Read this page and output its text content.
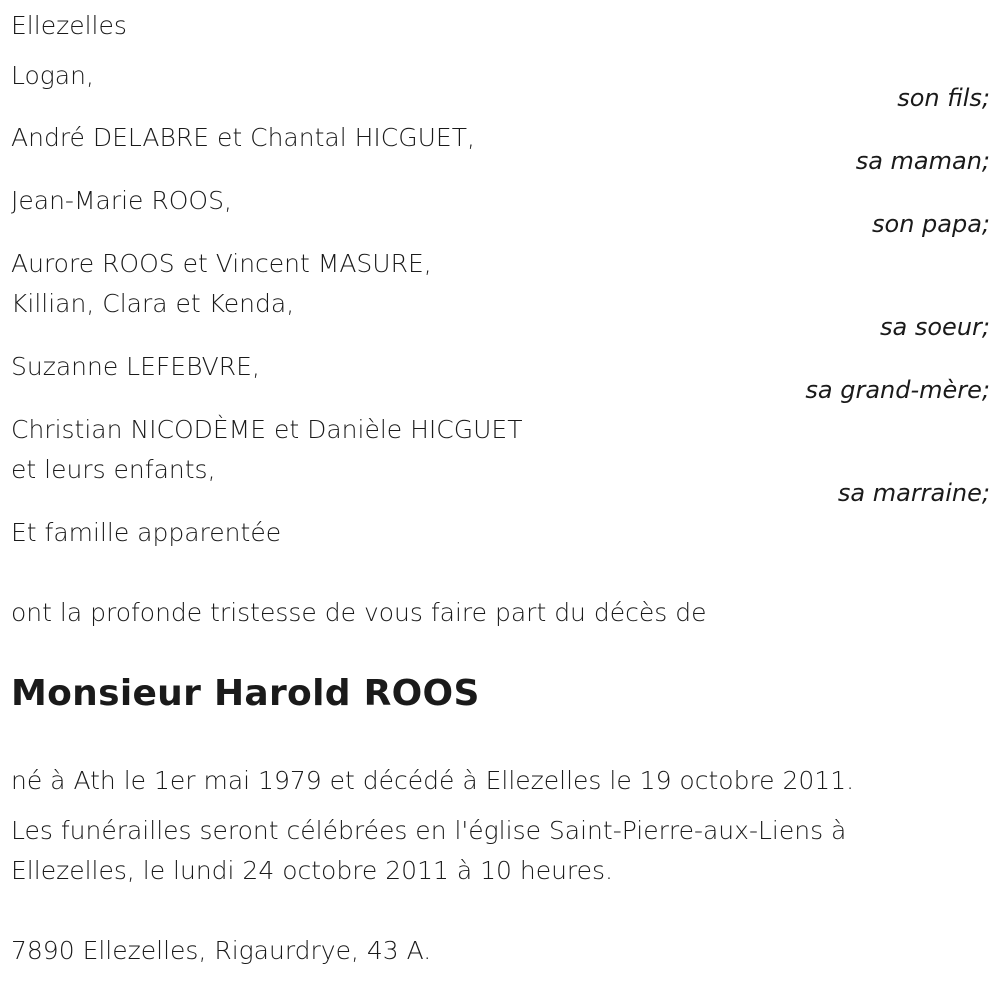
Ellezelles
Logan,
son fils;
André DELABRE et Chantal HICGUET,
sa maman;
Jean-Marie ROOS,
son papa;
Aurore ROOS et Vincent MASURE,
Killian, Clara et Kenda,
sa soeur;
Suzanne LEFEBVRE,
sa grand-mère;
Christian NICODÈME et Danièle HICGUET
et leurs enfants,
sa marraine;
Et famille apparentée
ont la profonde tristesse de vous faire part du décès de
Monsieur Harold ROOS
né à Ath le 1er mai 1979 et décédé à Ellezelles le 19 octobre 2011.
Les funérailles seront célébrées en l'église Saint-Pierre-aux-Liens à
Ellezelles, le lundi 24 octobre 2011 à 10 heures.
7890 Ellezelles, Rigaurdrye, 43 A.
